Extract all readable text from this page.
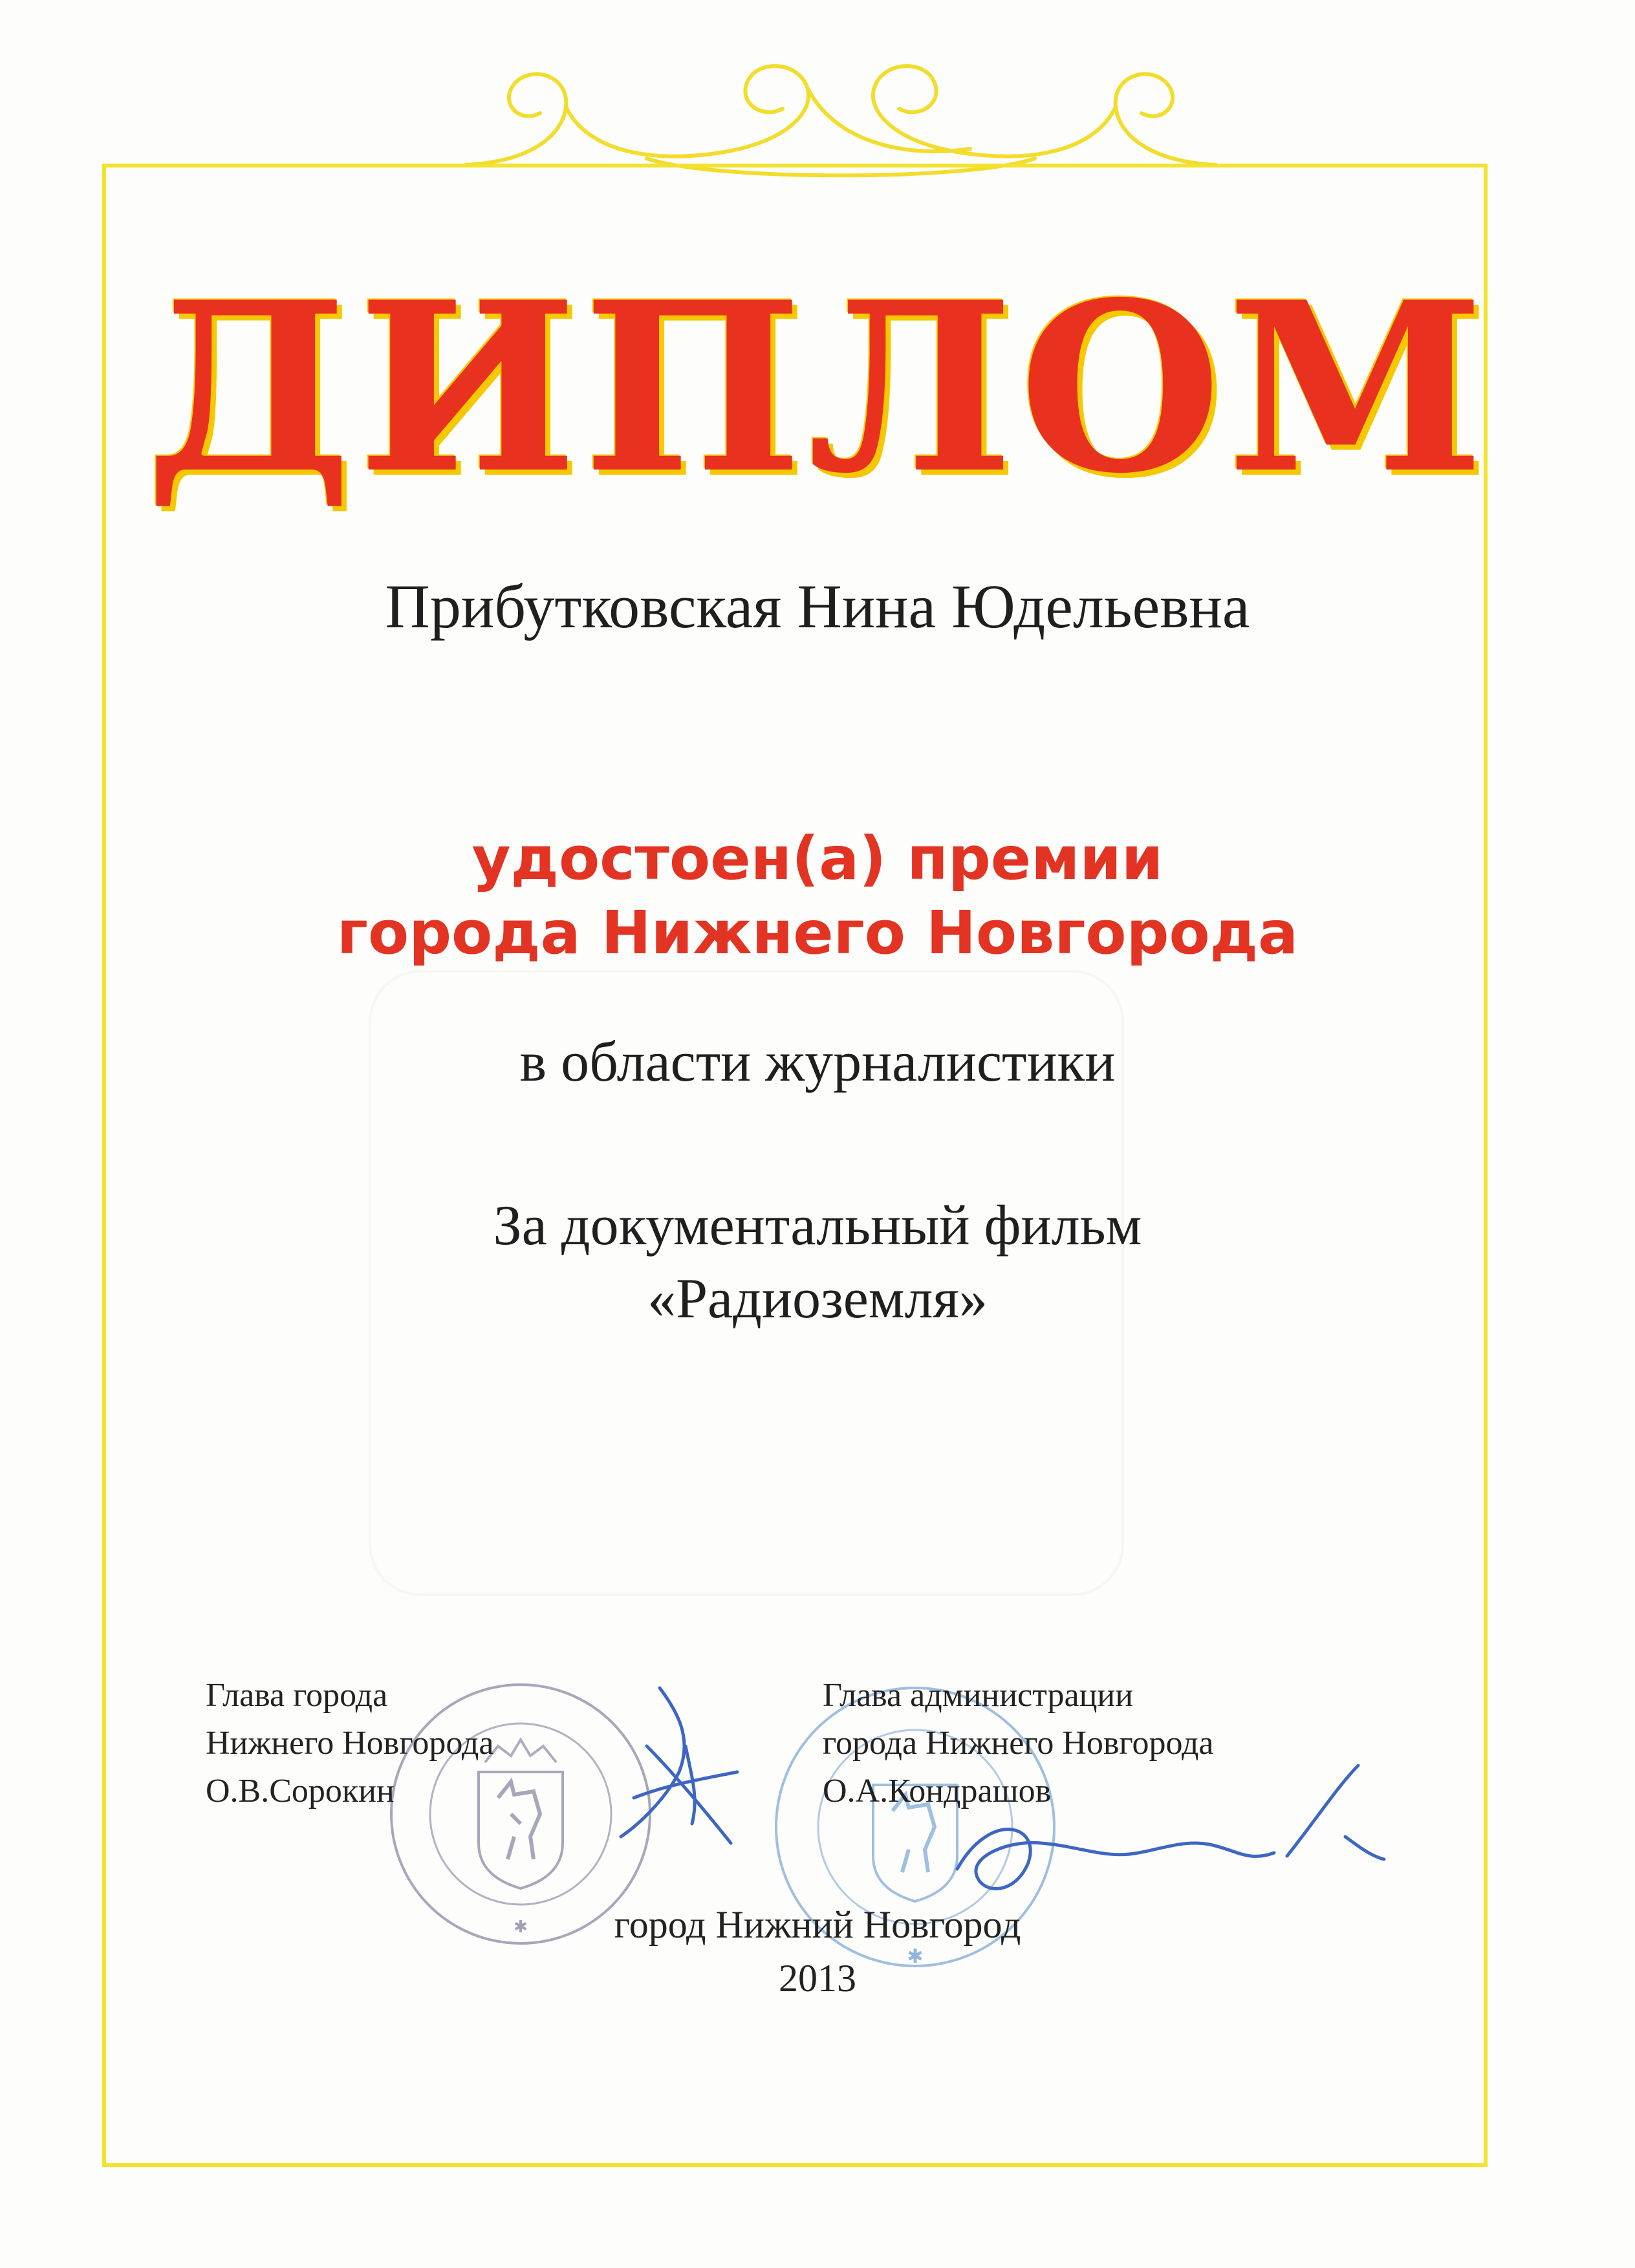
ДИПЛОМ
Прибутковская Нина Юдельевна
удостоен(а) премии
города Нижнего Новгорода
в области журналистики
За документальный фильм
«Радиоземля»
✱
✱
Глава города
Нижнего Новгорода
О.В.Сорокин
Глава администрации
города Нижнего Новгорода
О.А.Кондрашов
город Нижний Новгород
2013
